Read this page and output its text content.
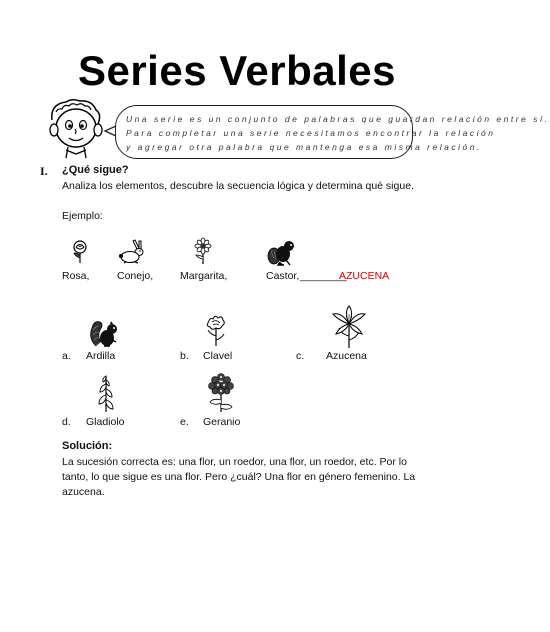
Series Verbales
Una serie es un conjunto de palabras que guardan relación entre sí.
Para completar una serie necesitamos encontrar la relación
y agregar otra palabra que mantenga esa misma relación.
I. ¿Qué sigue?
Analiza los elementos, descubre la secuencia lógica y determina qué sigue.
Ejemplo:
Rosa,	Conejo,	Margarita,	Castor, ________
AZUCENA
a. Ardilla	b. Clavel	c. Azucena
d. Gladiolo	e. Geranio
Solución:
La sucesión correcta es: una flor, un roedor, una flor, un roedor, etc. Por lo tanto, lo que sigue es una flor. Pero ¿cuál? Una flor en género femenino. La azucena.
